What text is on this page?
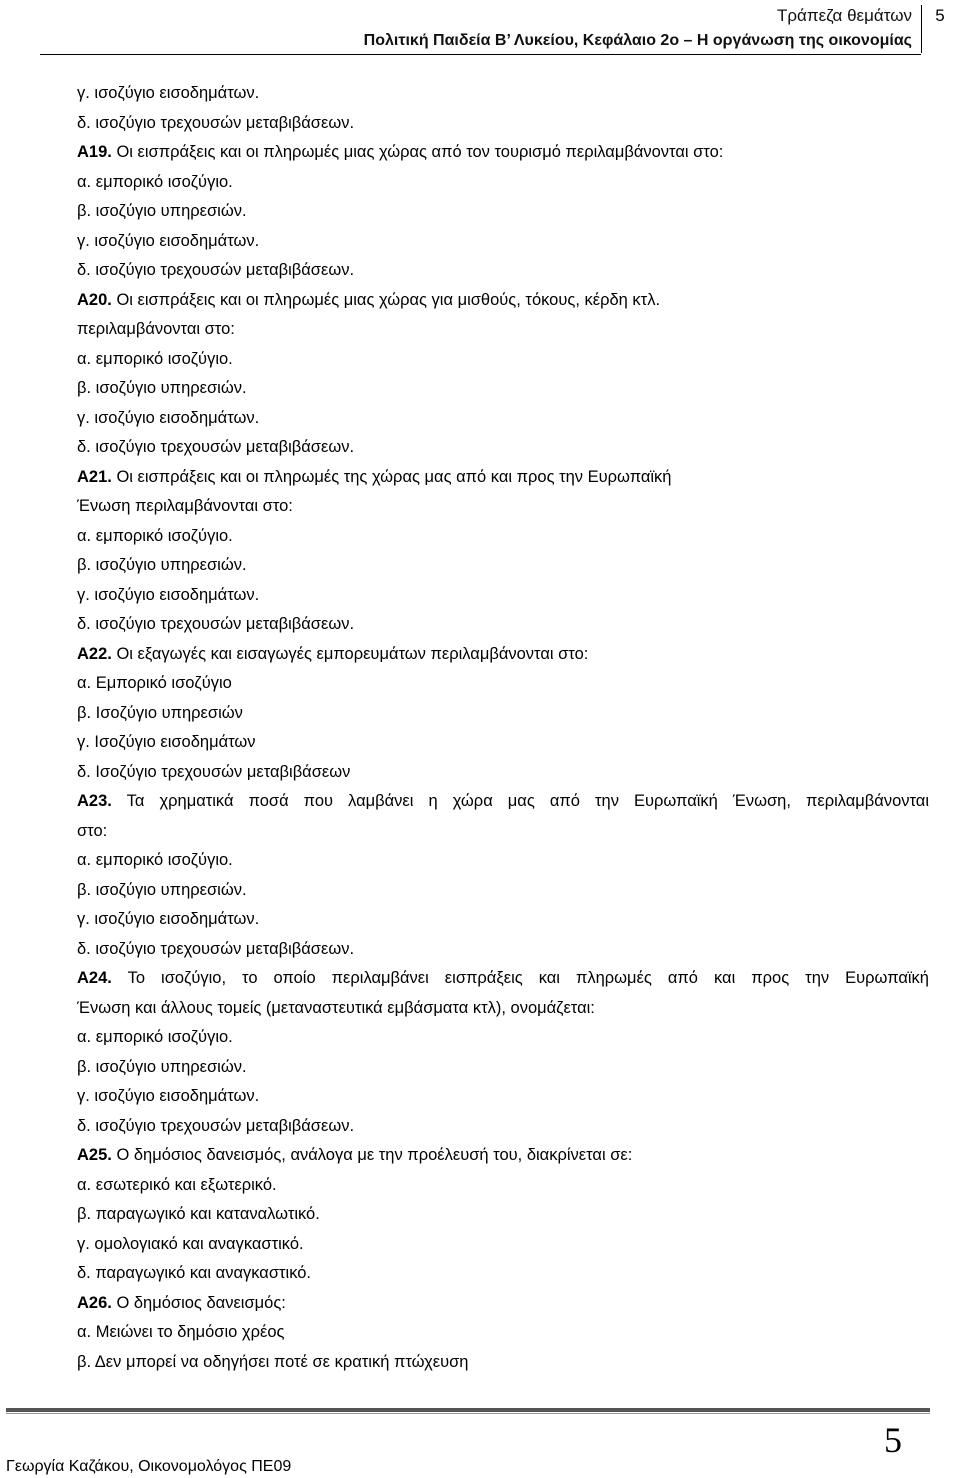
Τράπεζα θεμάτων
Πολιτική Παιδεία Β’ Λυκείου, Κεφάλαιο 2ο – Η οργάνωση της οικονομίας
5
γ. ισοζύγιο εισοδημάτων.
δ. ισοζύγιο τρεχουσών μεταβιβάσεων.
Α19. Οι εισπράξεις και οι πληρωμές μιας χώρας από τον τουρισμό περιλαμβάνονται στο:
α. εμπορικό ισοζύγιο.
β. ισοζύγιο υπηρεσιών.
γ. ισοζύγιο εισοδημάτων.
δ. ισοζύγιο τρεχουσών μεταβιβάσεων.
Α20. Οι εισπράξεις και οι πληρωμές μιας χώρας για μισθούς, τόκους, κέρδη κτλ.
περιλαμβάνονται στο:
α. εμπορικό ισοζύγιο.
β. ισοζύγιο υπηρεσιών.
γ. ισοζύγιο εισοδημάτων.
δ. ισοζύγιο τρεχουσών μεταβιβάσεων.
Α21. Οι εισπράξεις και οι πληρωμές της χώρας μας από και προς την Ευρωπαϊκή
Ένωση περιλαμβάνονται στο:
α. εμπορικό ισοζύγιο.
β. ισοζύγιο υπηρεσιών.
γ. ισοζύγιο εισοδημάτων.
δ. ισοζύγιο τρεχουσών μεταβιβάσεων.
Α22. Οι εξαγωγές και εισαγωγές εμπορευμάτων περιλαμβάνονται στο:
α. Εμπορικό ισοζύγιο
β. Ισοζύγιο υπηρεσιών
γ. Ισοζύγιο εισοδημάτων
δ. Ισοζύγιο τρεχουσών μεταβιβάσεων
Α23. Τα χρηματικά ποσά που λαμβάνει η χώρα μας από την Ευρωπαϊκή Ένωση, περιλαμβάνονται
στο:
α. εμπορικό ισοζύγιο.
β. ισοζύγιο υπηρεσιών.
γ. ισοζύγιο εισοδημάτων.
δ. ισοζύγιο τρεχουσών μεταβιβάσεων.
Α24. Το ισοζύγιο, το οποίο περιλαμβάνει εισπράξεις και πληρωμές από και προς την Ευρωπαϊκή
Ένωση και άλλους τομείς (μεταναστευτικά εμβάσματα κτλ), ονομάζεται:
α. εμπορικό ισοζύγιο.
β. ισοζύγιο υπηρεσιών.
γ. ισοζύγιο εισοδημάτων.
δ. ισοζύγιο τρεχουσών μεταβιβάσεων.
Α25. Ο δημόσιος δανεισμός, ανάλογα με την προέλευσή του, διακρίνεται σε:
α. εσωτερικό και εξωτερικό.
β. παραγωγικό και καταναλωτικό.
γ. ομολογιακό και αναγκαστικό.
δ. παραγωγικό και αναγκαστικό.
Α26. Ο δημόσιος δανεισμός:
α. Μειώνει το δημόσιο χρέος
β. Δεν μπορεί να οδηγήσει ποτέ σε κρατική πτώχευση
5
Γεωργία Καζάκου, Οικονομολόγος ΠΕ09
